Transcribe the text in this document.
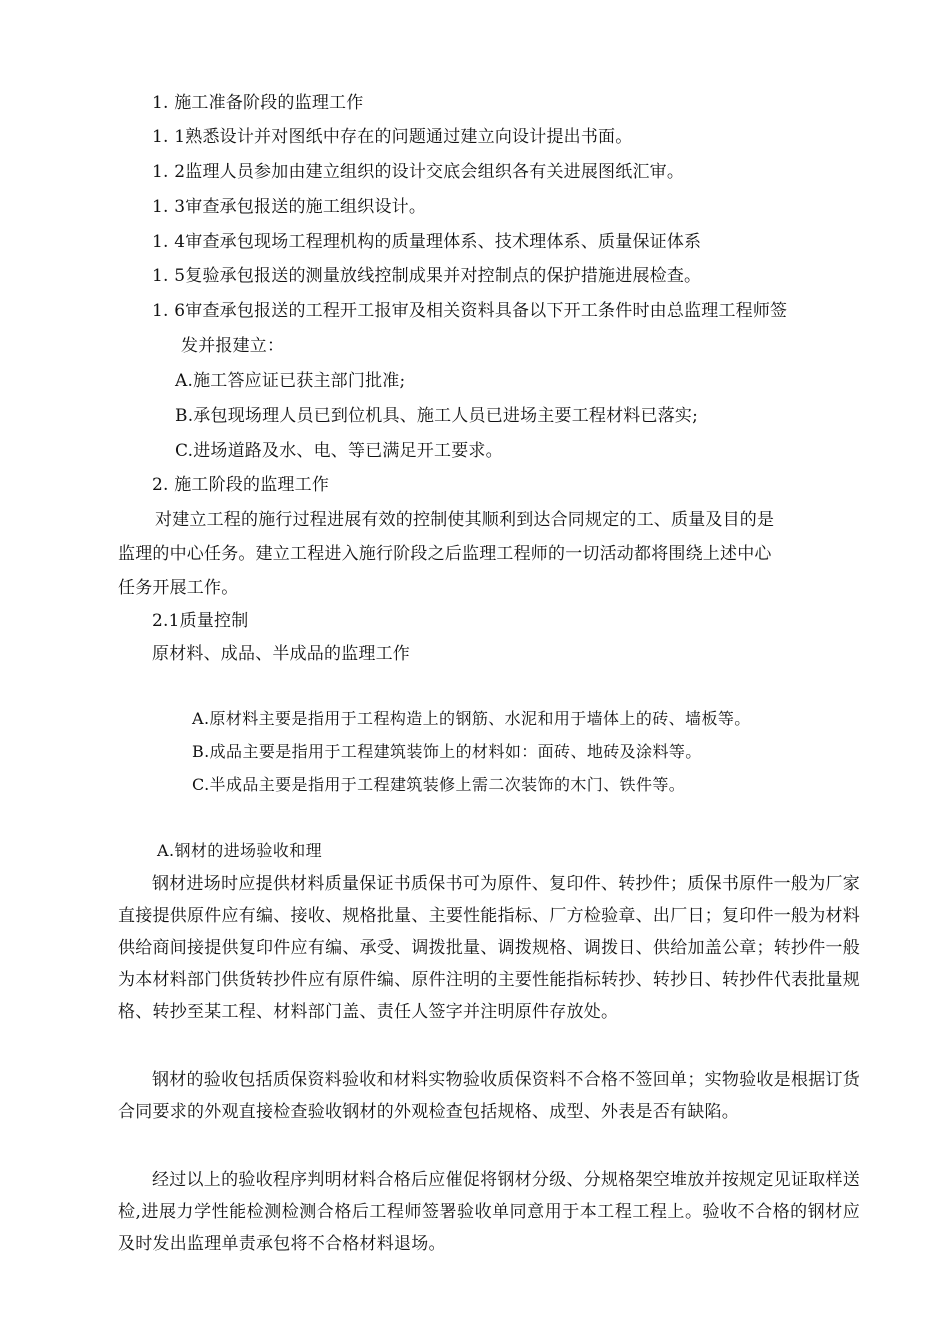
1. 施工准备阶段的监理工作
1. 1熟悉设计并对图纸中存在的问题通过建立向设计提出书面。
1. 2监理人员参加由建立组织的设计交底会组织各有关进展图纸汇审。
1. 3审查承包报送的施工组织设计。
1. 4审查承包现场工程理机构的质量理体系、技术理体系、质量保证体系
1. 5复验承包报送的测量放线控制成果并对控制点的保护措施进展检查。
1. 6审查承包报送的工程开工报审及相关资料具备以下开工条件时由总监理工程师签
发并报建立：
A.施工答应证已获主部门批准;
B.承包现场理人员已到位机具、施工人员已进场主要工程材料已落实;
C.进场道路及水、电、等已满足开工要求。
2. 施工阶段的监理工作
对建立工程的施行过程进展有效的控制使其顺利到达合同规定的工、质量及目的是
监理的中心任务。建立工程进入施行阶段之后监理工程师的一切活动都将围绕上述中心
任务开展工作。
2.1质量控制
原材料、成品、半成品的监理工作
A.原材料主要是指用于工程构造上的钢筋、水泥和用于墙体上的砖、墙板等。
B.成品主要是指用于工程建筑装饰上的材料如：面砖、地砖及涂料等。
C.半成品主要是指用于工程建筑装修上需二次装饰的木门、铁件等。
A.钢材的进场验收和理
钢材进场时应提供材料质量保证书质保书可为原件、复印件、转抄件；质保书原件一般为厂家直接提供原件应有编、接收、规格批量、主要性能指标、厂方检验章、出厂日；复印件一般为材料供给商间接提供复印件应有编、承受、调拨批量、调拨规格、调拨日、供给加盖公章；转抄件一般为本材料部门供货转抄件应有原件编、原件注明的主要性能指标转抄、转抄日、转抄件代表批量规格、转抄至某工程、材料部门盖、责任人签字并注明原件存放处。
钢材的验收包括质保资料验收和材料实物验收质保资料不合格不签回单；实物验收是根据订货合同要求的外观直接检查验收钢材的外观检查包括规格、成型、外表是否有缺陷。
经过以上的验收程序判明材料合格后应催促将钢材分级、分规格架空堆放并按规定见证取样送检,进展力学性能检测检测合格后工程师签署验收单同意用于本工程工程上。验收不合格的钢材应及时发出监理单责承包将不合格材料退场。
